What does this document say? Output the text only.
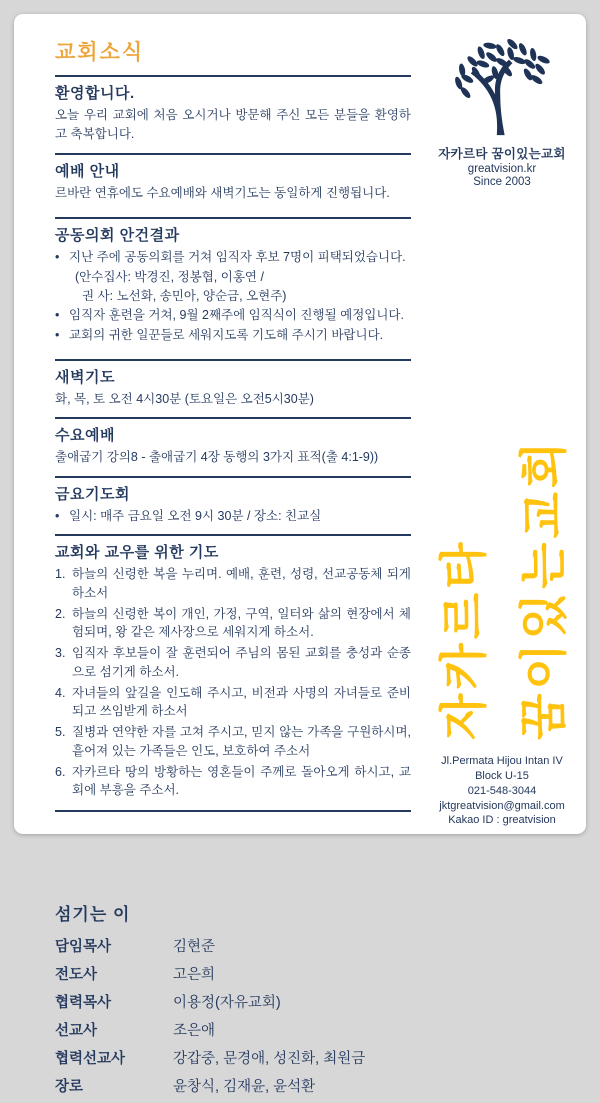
교회소식
환영합니다.

오늘 우리 교회에 처음 오시거나 방문해 주신 모든 분들을 환영하고 축복합니다.

예배 안내

르바란 연휴에도 수요예배와 새벽기도는 동일하게 진행됩니다.

공동의회 안건결과
• 지난 주에 공동의회를 거쳐 임직자 후보 7명이 피택되었습니다.

(안수집사: 박경진, 정봉협, 이홍연 /

권 사: 노선화, 송민아, 양순금, 오현주)

• 임직자 훈련을 거쳐, 9월 2째주에 임직식이 진행될 예정입니다.

• 교회의 귀한 일꾼들로 세워지도록 기도해 주시기 바랍니다.

새벽기도

화, 목, 토 오전 4시30분 (토요일은 오전5시30분)

수요예배

출애굽기 강의8 - 출애굽기 4장 동행의 3가지 표적(출 4:1-9))

금요기도회
• 일시: 매주 금요일 오전 9시 30분 / 장소: 친교실

교회와 교우를 위한 기도
1. 하늘의 신령한 복을 누리며. 예배, 훈련, 성령, 선교공동체 되게 하소서
2. 하늘의 신령한 복이 개인, 가정, 구역, 일터와 삶의 현장에서 체험되며, 왕 같은 제사장으로 세워지게 하소서.
3. 임직자 후보들이 잘 훈련되어 주님의 몸된 교회를 충성과 순종으로 섬기게 하소서.
4. 자녀들의 앞길을 인도해 주시고, 비전과 사명의 자녀들로 준비되고 쓰임받게 하소서
5. 질병과 연약한 자를 고쳐 주시고, 믿지 않는 가족을 구원하시며, 흩어져 있는 가족들은 인도, 보호하여 주소서
6. 자카르타 땅의 방황하는 영혼들이 주께로 돌아오게 하시고, 교회에 부흥을 주소서.
섬기는 이
담임목사	김현준
전도사	고은희
협력목사	이용정(자유교회)
선교사	조은애
협력선교사	강갑중, 문경애, 성진화, 최원금
장로	윤창식, 김재윤, 윤석환

자카르타 꿈이있는교회

greatvision.kr

Since 2003

자카르타 꿈이있는교회

Jl.Permata Hijou Intan IV

Block U-15

021-548-3044

jktgreatvision@gmail.com

Kakao ID : greatvision
